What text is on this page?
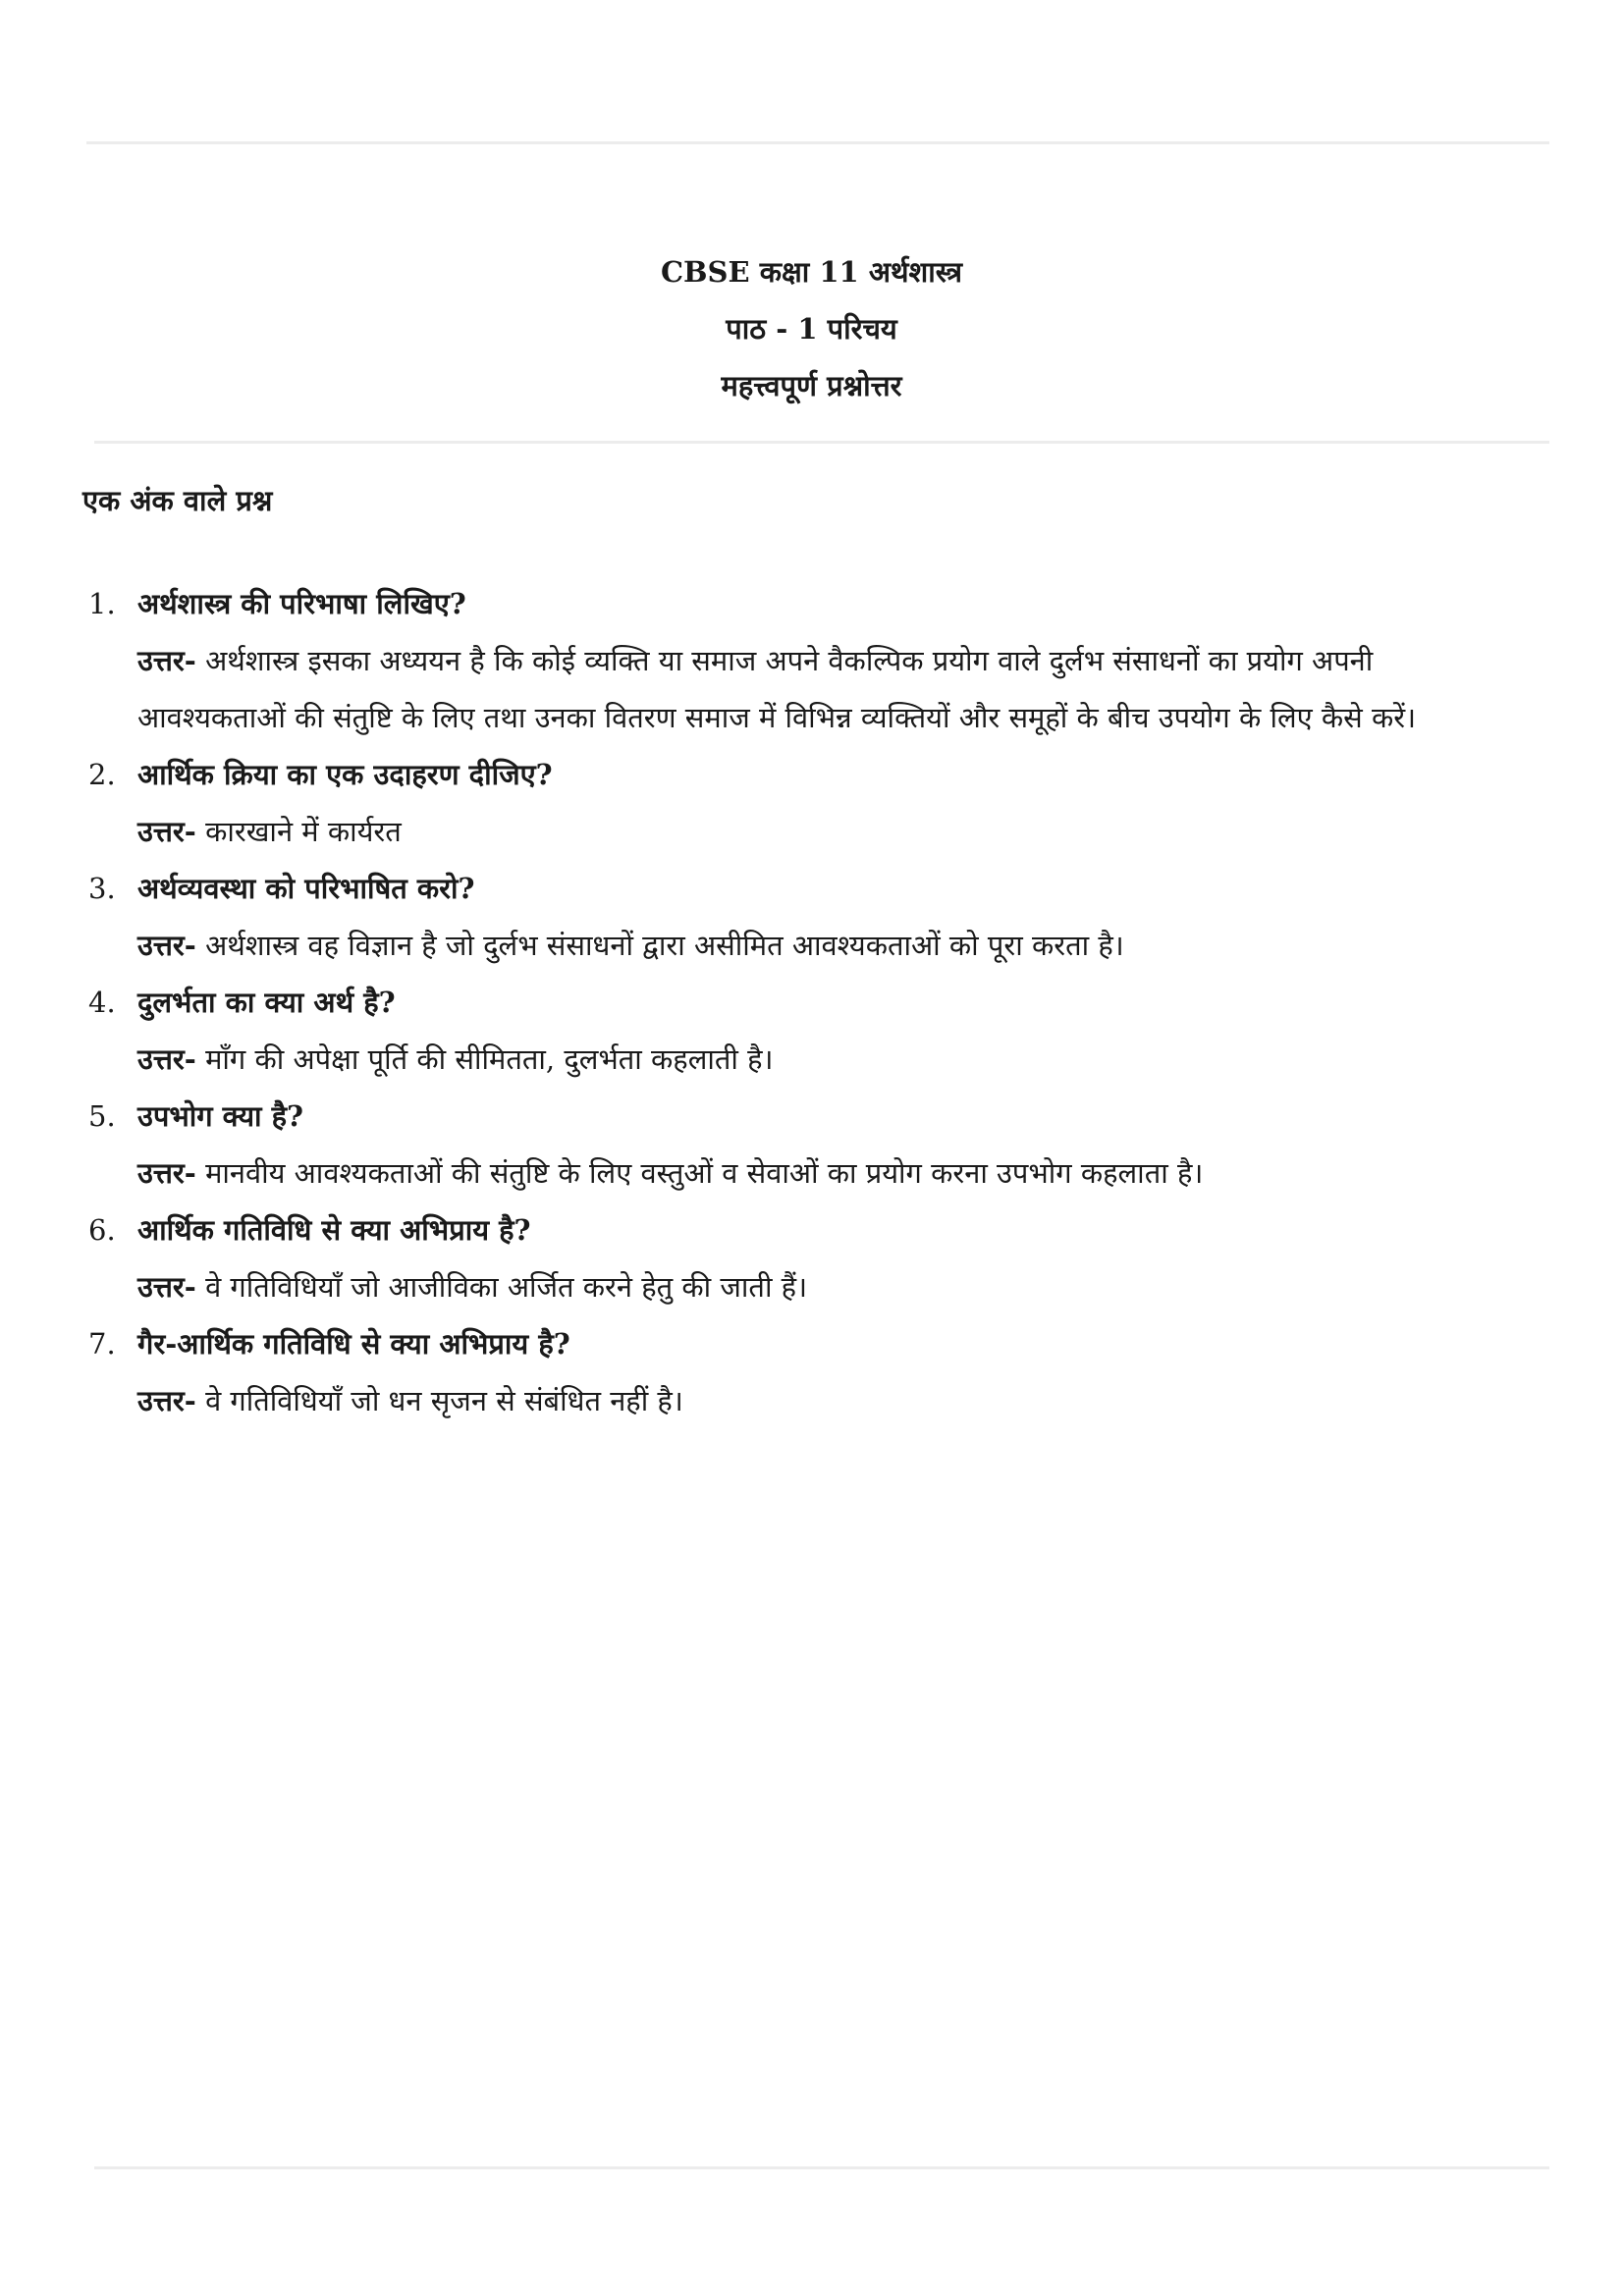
CBSE कक्षा 11 अर्थशास्त्र
पाठ - 1 परिचय
महत्त्वपूर्ण प्रश्नोत्तर
एक अंक वाले प्रश्न
1. अर्थशास्त्र की परिभाषा लिखिए?
उत्तर- अर्थशास्त्र इसका अध्ययन है कि कोई व्यक्ति या समाज अपने वैकल्पिक प्रयोग वाले दुर्लभ संसाधनों का प्रयोग अपनी आवश्यकताओं की संतुष्टि के लिए तथा उनका वितरण समाज में विभिन्न व्यक्तियों और समूहों के बीच उपयोग के लिए कैसे करें।
2. आर्थिक क्रिया का एक उदाहरण दीजिए?
उत्तर- कारखाने में कार्यरत
3. अर्थव्यवस्था को परिभाषित करो?
उत्तर- अर्थशास्त्र वह विज्ञान है जो दुर्लभ संसाधनों द्वारा असीमित आवश्यकताओं को पूरा करता है।
4. दुलर्भता का क्या अर्थ है?
उत्तर- माँग की अपेक्षा पूर्ति की सीमितता, दुलर्भता कहलाती है।
5. उपभोग क्या है?
उत्तर- मानवीय आवश्यकताओं की संतुष्टि के लिए वस्तुओं व सेवाओं का प्रयोग करना उपभोग कहलाता है।
6. आर्थिक गतिविधि से क्या अभिप्राय है?
उत्तर- वे गतिविधियाँ जो आजीविका अर्जित करने हेतु की जाती हैं।
7. गैर-आर्थिक गतिविधि से क्या अभिप्राय है?
उत्तर- वे गतिविधियाँ जो धन सृजन से संबंधित नहीं है।
